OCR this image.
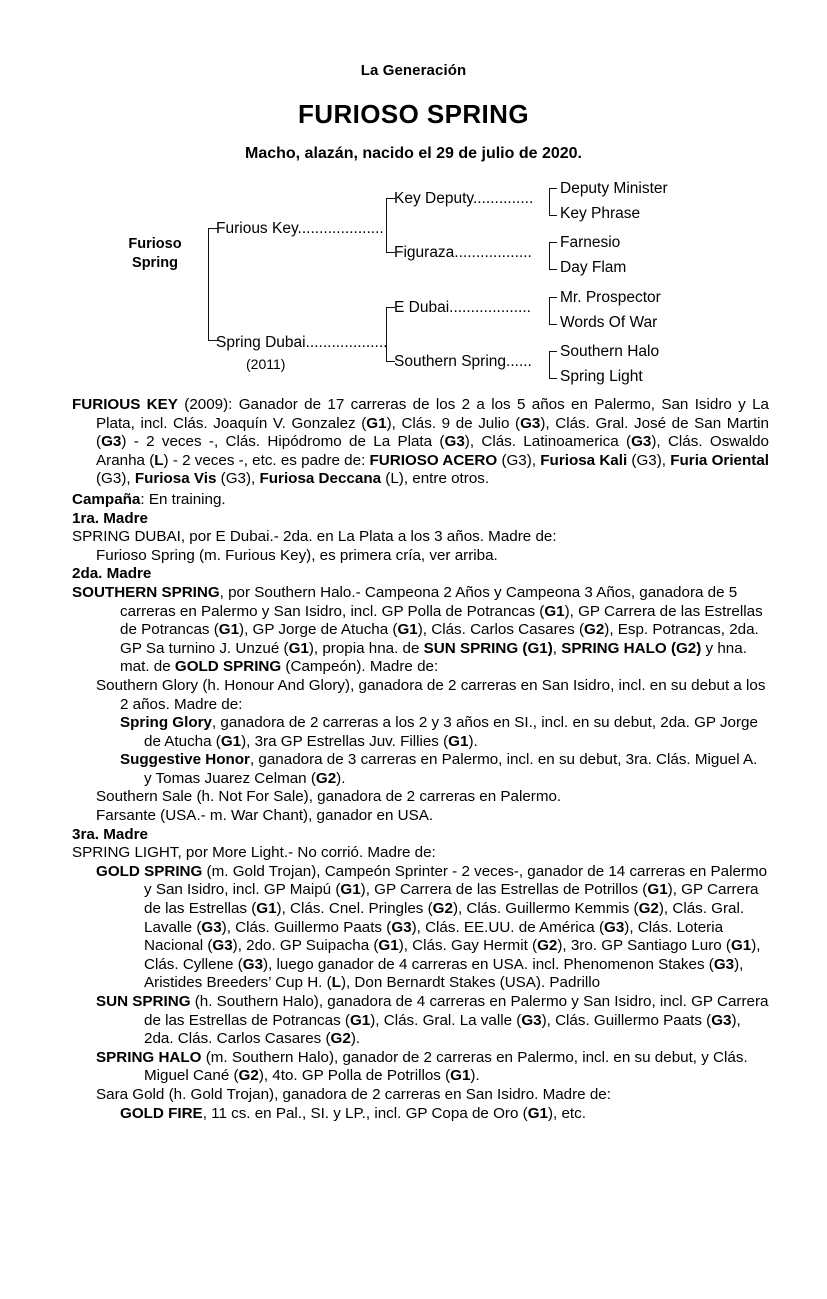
La Generación
FURIOSO SPRING
Macho, alazán, nacido el 29 de julio de 2020.
Furioso
Spring
Furious Key....................
Spring Dubai...................
(2011)
Key Deputy..............
Figuraza..................
E Dubai...................
Southern Spring......
Deputy Minister
Key Phrase
Farnesio
Day Flam
Mr. Prospector
Words Of War
Southern Halo
Spring Light

FURIOUS KEY (2009): Ganador de 17 carreras de los 2 a los 5 años en Palermo, San Isidro y La Plata, incl. Clás. Joaquín V. Gonzalez (G1), Clás. 9 de Julio (G3), Clás. Gral. José de San Martin (G3) - 2 veces -, Clás. Hipódromo de La Plata (G3), Clás. Latinoamerica (G3), Clás. Oswaldo Aranha (L) - 2 veces -, etc. es padre de: FURIOSO ACERO (G3), Furiosa Kali (G3), Furia Oriental (G3), Furiosa Vis (G3), Furiosa Deccana (L), entre otros.

Campaña: En training.

1ra. Madre

SPRING DUBAI, por E Dubai.- 2da. en La Plata a los 3 años. Madre de:

Furioso Spring (m. Furious Key), es primera cría, ver arriba.

2da. Madre

SOUTHERN SPRING, por Southern Halo.- Campeona 2 Años y Campeona 3 Años, ganadora de 5 carreras en Palermo y San Isidro, incl. GP Polla de Potrancas (G1), GP Carrera de las Estrellas de Potrancas (G1), GP Jorge de Atucha (G1), Clás. Carlos Casares (G2), Esp. Potrancas, 2da. GP Sa turnino J. Unzué (G1), propia hna. de SUN SPRING (G1), SPRING HALO (G2) y hna. mat. de GOLD SPRING (Campeón). Madre de:

Southern Glory (h. Honour And Glory), ganadora de 2 carreras en San Isidro, incl. en su debut a los 2 años. Madre de:

Spring Glory, ganadora de 2 carreras a los 2 y 3 años en SI., incl. en su debut, 2da. GP Jorge de Atucha (G1), 3ra GP Estrellas Juv. Fillies (G1).

Suggestive Honor, ganadora de 3 carreras en Palermo, incl. en su debut, 3ra. Clás. Miguel A. y Tomas Juarez Celman (G2).

Southern Sale (h. Not For Sale), ganadora de 2 carreras en Palermo.

Farsante (USA.- m. War Chant), ganador en USA.

3ra. Madre

SPRING LIGHT, por More Light.- No corrió. Madre de:

GOLD SPRING (m. Gold Trojan), Campeón Sprinter - 2 veces-, ganador de 14 carreras en Palermo y San Isidro, incl. GP Maipú (G1), GP Carrera de las Estrellas de Potrillos (G1), GP Carrera de las Estrellas (G1), Clás. Cnel. Pringles (G2), Clás. Guillermo Kemmis (G2), Clás. Gral. Lavalle (G3), Clás. Guillermo Paats (G3), Clás. EE.UU. de América (G3), Clás. Loteria Nacional (G3), 2do. GP Suipacha (G1), Clás. Gay Hermit (G2), 3ro. GP Santiago Luro (G1), Clás. Cyllene (G3), luego ganador de 4 carreras en USA. incl. Phenomenon Stakes (G3), Aristides Breeders’ Cup H. (L), Don Bernardt Stakes (USA). Padrillo

SUN SPRING (h. Southern Halo), ganadora de 4 carreras en Palermo y San Isidro, incl. GP Carrera de las Estrellas de Potrancas (G1), Clás. Gral. La valle (G3), Clás. Guillermo Paats (G3), 2da. Clás. Carlos Casares (G2).

SPRING HALO (m. Southern Halo), ganador de 2 carreras en Palermo, incl. en su debut, y Clás. Miguel Cané (G2), 4to. GP Polla de Potrillos (G1).

Sara Gold (h. Gold Trojan), ganadora de 2 carreras en San Isidro. Madre de:

GOLD FIRE, 11 cs. en Pal., SI. y LP., incl. GP Copa de Oro (G1), etc.
